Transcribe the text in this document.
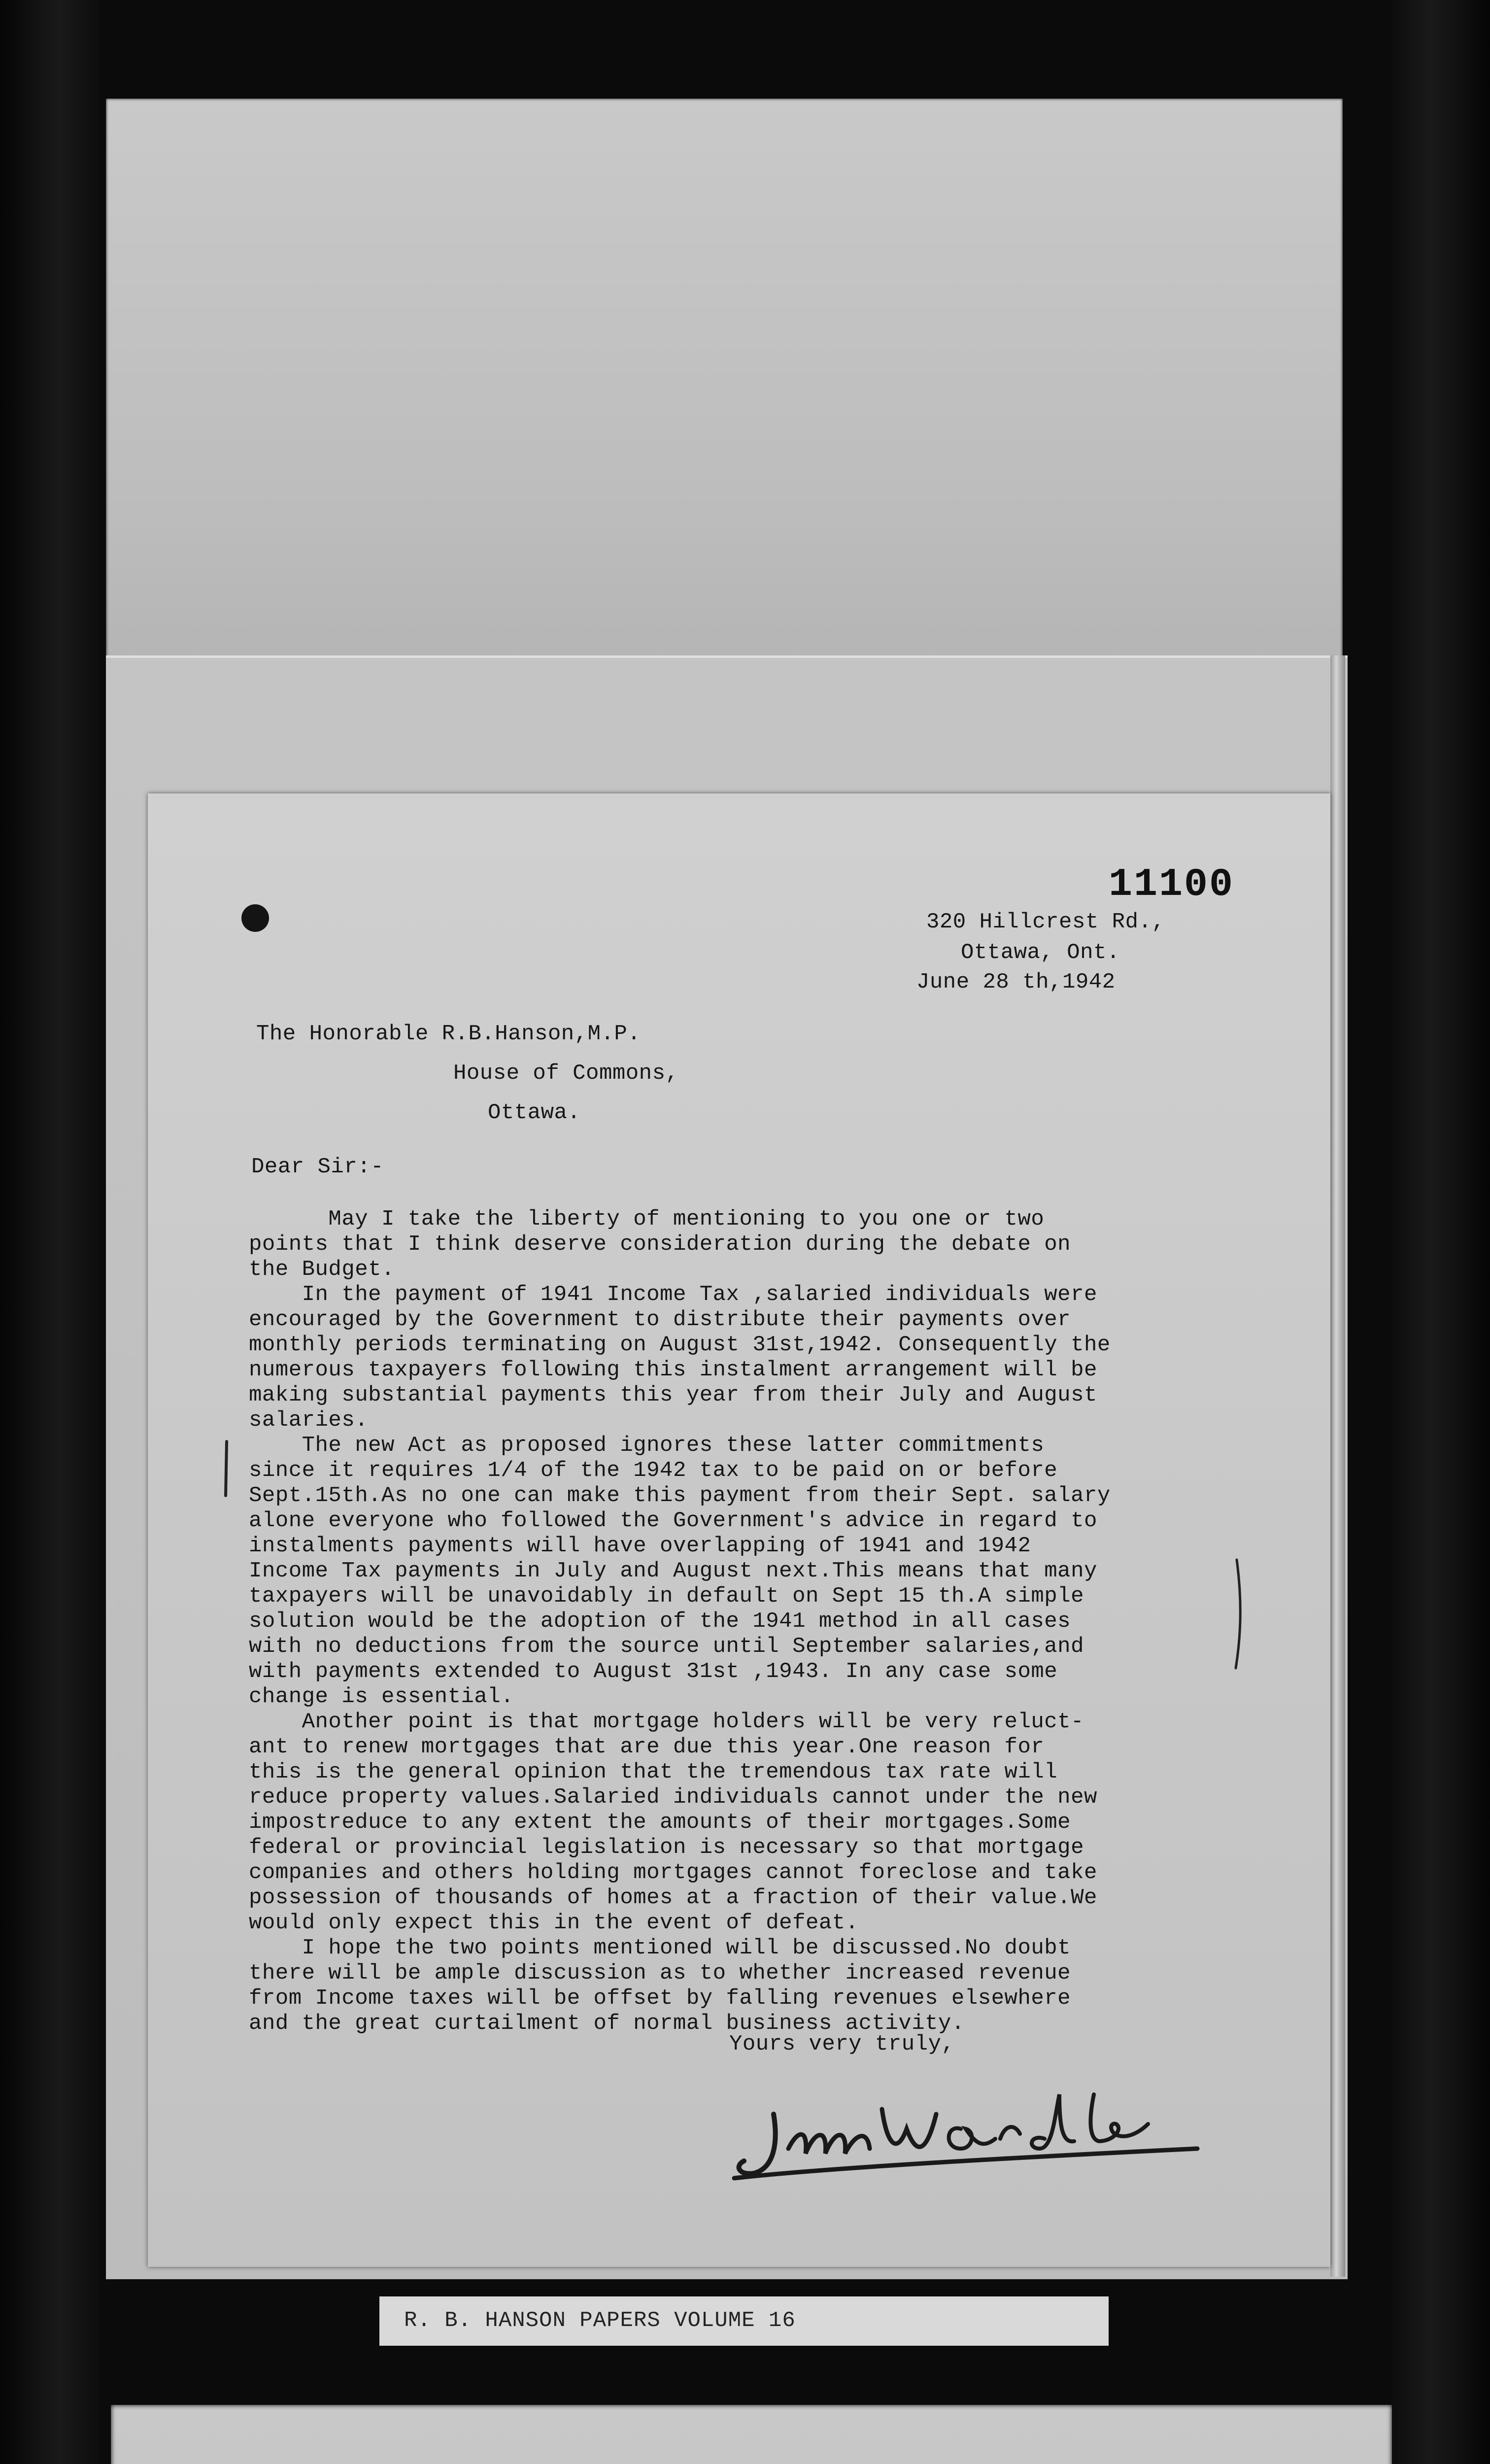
11100
320 Hillcrest Rd.,
Ottawa, Ont.
June 28 th,1942
The Honorable R.B.Hanson,M.P.
House of Commons,
Ottawa.
Dear Sir:-
May I take the liberty of mentioning to you one or two
points that I think deserve consideration during the debate on
the Budget.
In the payment of 1941 Income Tax ,salaried individuals were
encouraged by the Government to distribute their payments over
monthly periods terminating on August 31st,1942. Consequently the
numerous taxpayers following this instalment arrangement will be
making substantial payments this year from their July and August
salaries.
The new Act as proposed ignores these latter commitments
since it requires 1/4 of the 1942 tax to be paid on or before
Sept.15th.As no one can make this payment from their Sept. salary
alone everyone who followed the Government's advice in regard to
instalments payments will have overlapping of 1941 and 1942
Income Tax payments in July and August next.This means that many
taxpayers will be unavoidably in default on Sept 15 th.A simple
solution would be the adoption of the 1941 method in all cases
with no deductions from the source until September salaries,and
with payments extended to August 31st ,1943. In any case some
change is essential.
Another point is that mortgage holders will be very reluct-
ant to renew mortgages that are due this year.One reason for
this is the general opinion that the tremendous tax rate will
reduce property values.Salaried individuals cannot under the new
impostreduce to any extent the amounts of their mortgages.Some
federal or provincial legislation is necessary so that mortgage
companies and others holding mortgages cannot foreclose and take
possession of thousands of homes at a fraction of their value.We
would only expect this in the event of defeat.
I hope the two points mentioned will be discussed.No doubt
there will be ample discussion as to whether increased revenue
from Income taxes will be offset by falling revenues elsewhere
and the great curtailment of normal business activity.
Yours very truly,
R. B. HANSON PAPERS VOLUME 16
